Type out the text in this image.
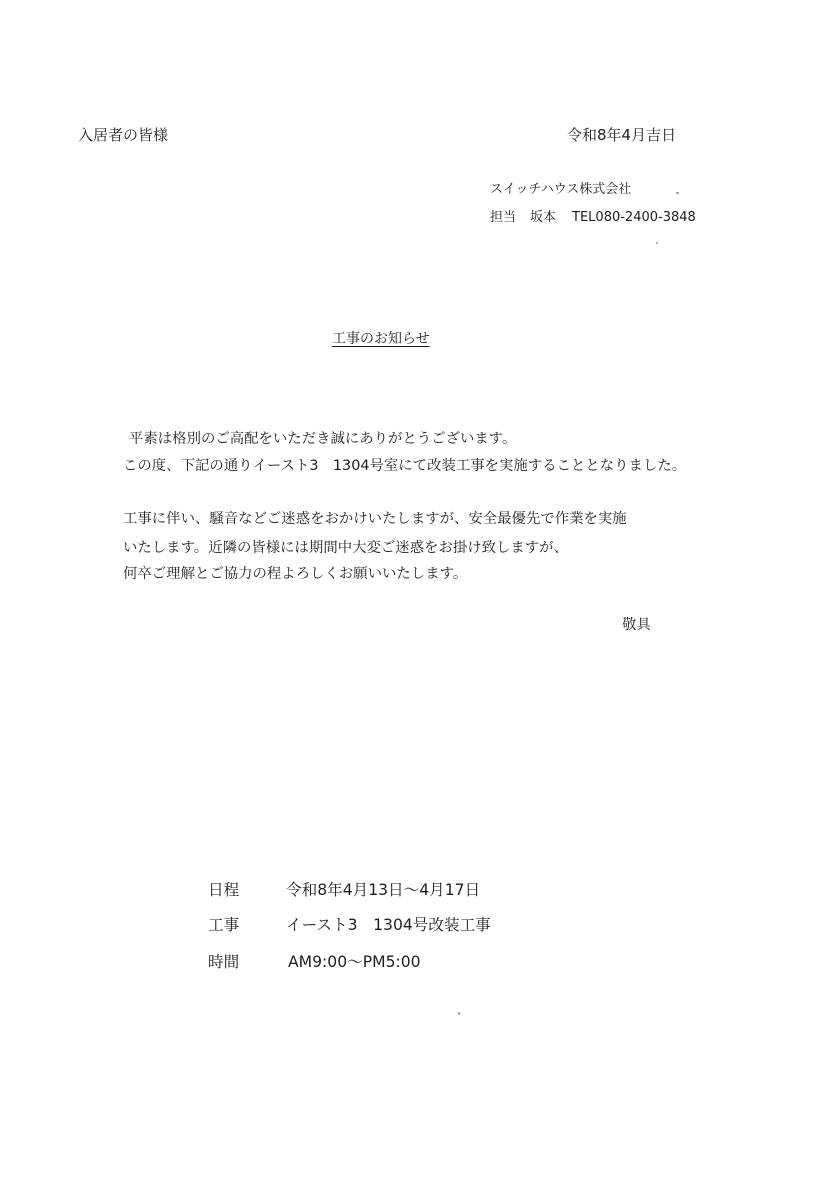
入居者の皆様	令和8年4月吉日
スイッチハウス株式会社
担当 坂本 TEL080-2400-3848
工事のお知らせ
平素は格別のご高配をいただき誠にありがとうございます。
この度、下記の通りイースト3　1304号室にて改装工事を実施することとなりました。
工事に伴い、騒音などご迷惑をおかけいたしますが、安全最優先で作業を実施
いたします。近隣の皆様には期間中大変ご迷惑をお掛け致しますが、
何卒ご理解とご協力の程よろしくお願いいたします。
敬具
日程	令和8年4月13日～4月17日
工事	イースト3　1304号改装工事
時間	AM9:00～PM5:00
